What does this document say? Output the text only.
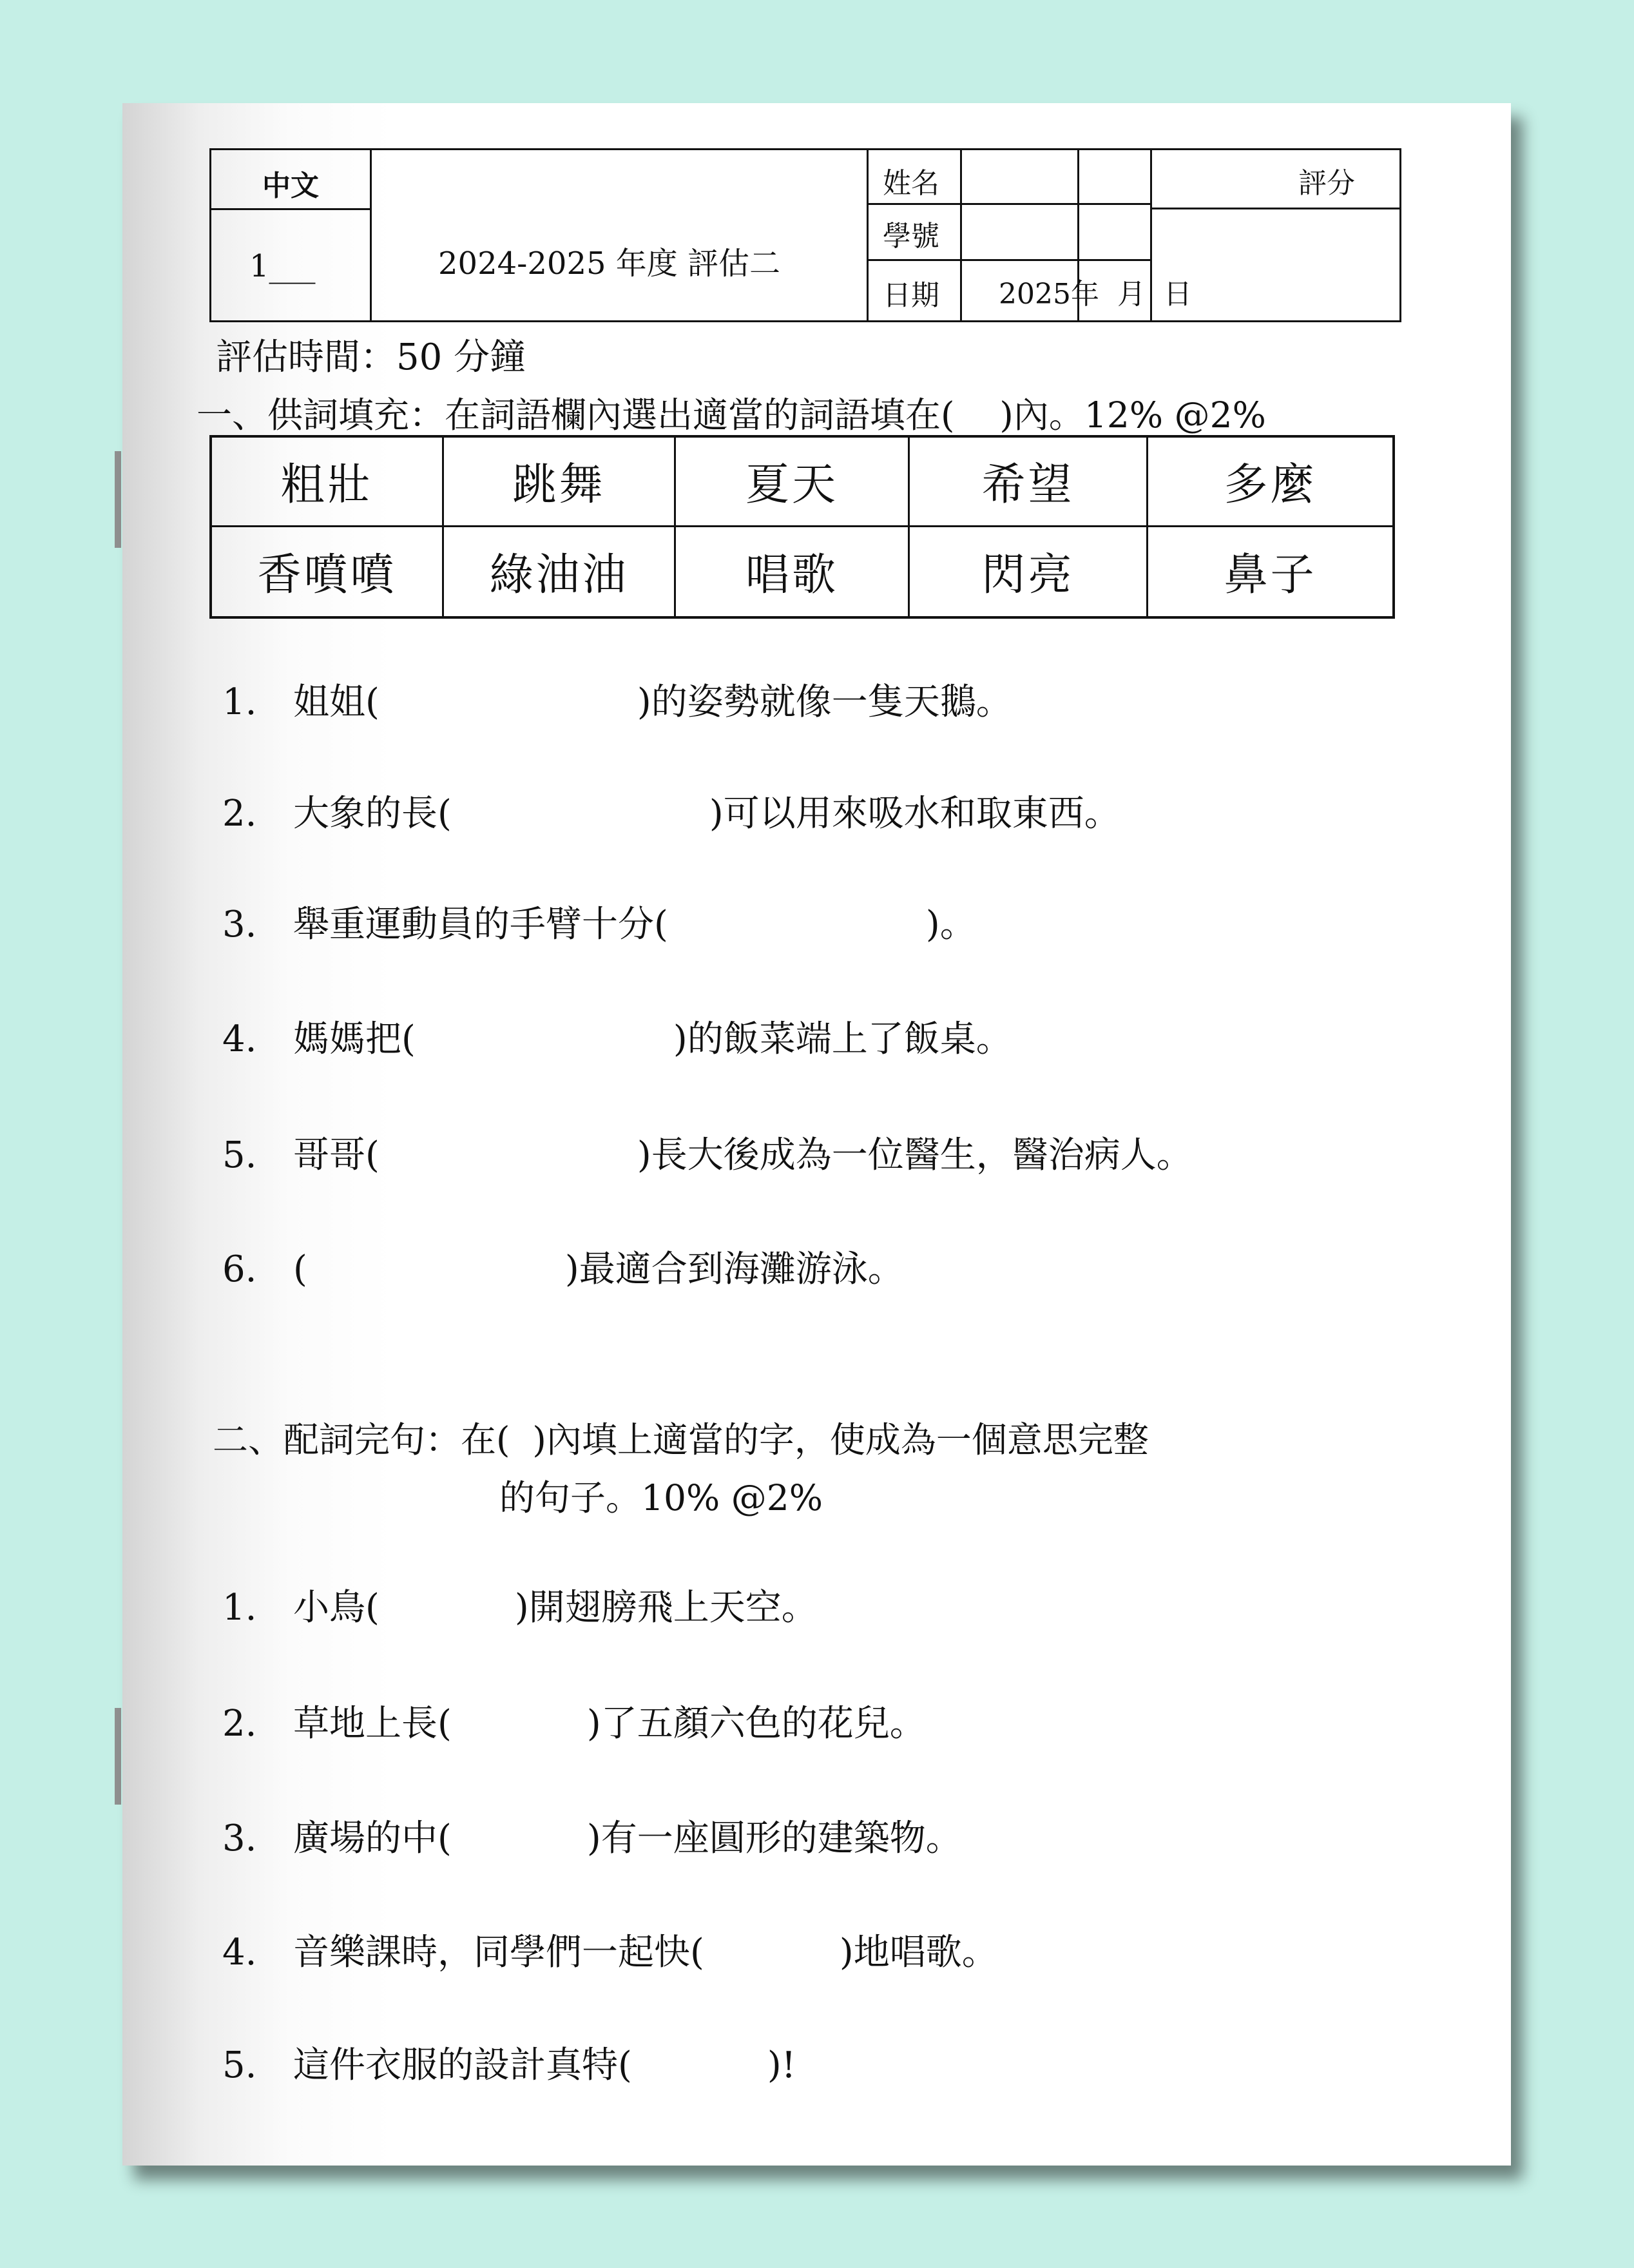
中文
1___	2024-2025 年度 評估二
姓名
學號
日期 2025年  月  日
評分
評估時間：50 分鐘
一、供詞填充：在詞語欄內選出適當的詞語填在(    )內。12% @2%
粗壯	跳舞	夏天	希望	多麼
香噴噴	綠油油	唱歌	閃亮	鼻子
1. 姐姐(	)的姿勢就像一隻天鵝。
2. 大象的長(	)可以用來吸水和取東西。
3. 舉重運動員的手臂十分(	)。
4. 媽媽把(	)的飯菜端上了飯桌。
5. 哥哥(	)長大後成為一位醫生，醫治病人。
6. (	)最適合到海灘游泳。
二、配詞完句：在(  )內填上適當的字，使成為一個意思完整
的句子。10% @2%
1. 小鳥(	)開翅膀飛上天空。
2. 草地上長(	)了五顏六色的花兒。
3. 廣場的中(	)有一座圓形的建築物。
4. 音樂課時，同學們一起快(	)地唱歌。
5. 這件衣服的設計真特(	)!
